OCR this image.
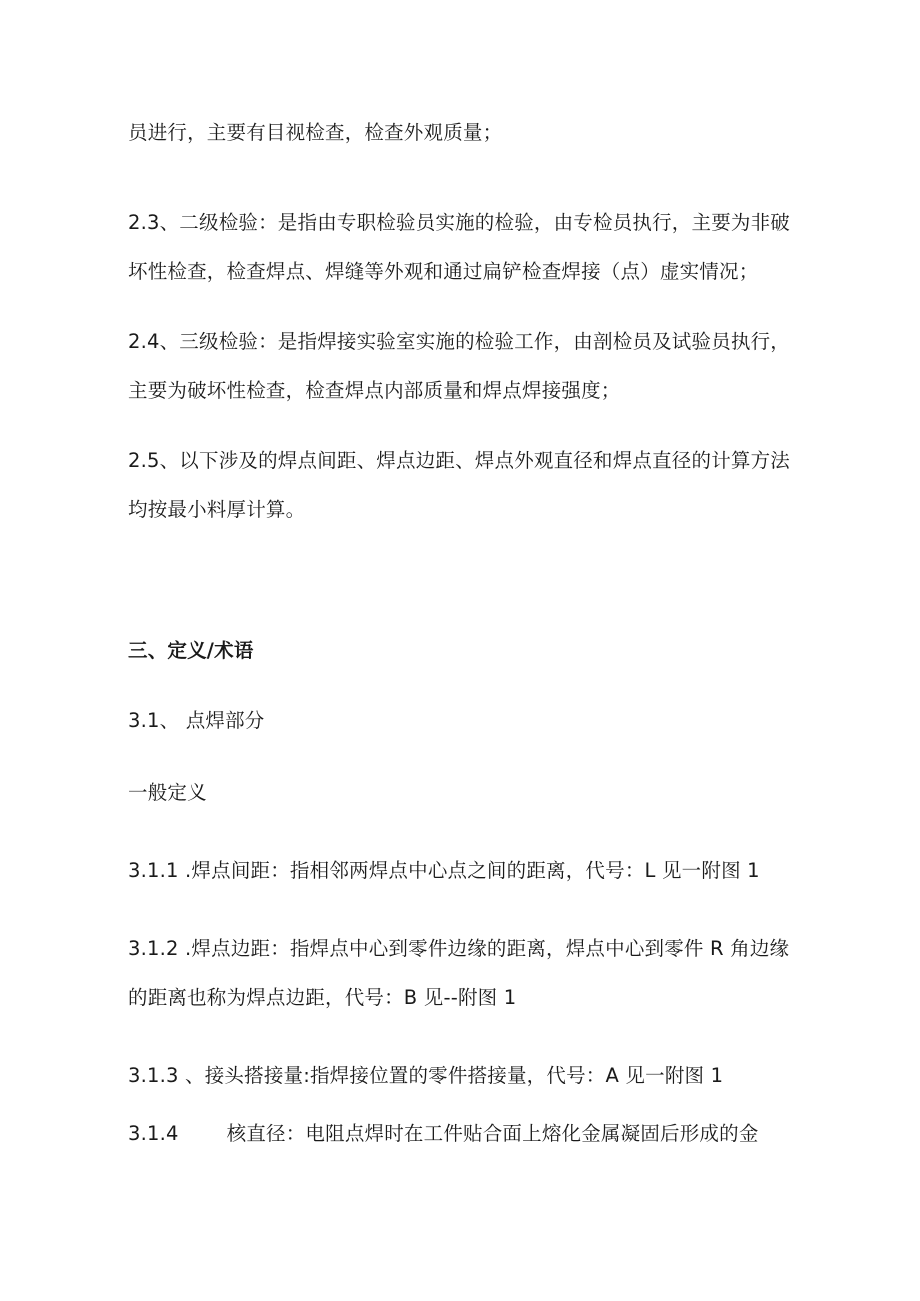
员进行，主要有目视检查，检查外观质量；
2.3、二级检验：是指由专职检验员实施的检验，由专检员执行，主要为非破
坏性检查，检查焊点、焊缝等外观和通过扁铲检查焊接（点）虚实情况；
2.4、三级检验：是指焊接实验室实施的检验工作，由剖检员及试验员执行，
主要为破坏性检查，检查焊点内部质量和焊点焊接强度；
2.5、以下涉及的焊点间距、焊点边距、焊点外观直径和焊点直径的计算方法
均按最小料厚计算。
三、定义/术语
3.1、 点焊部分
一般定义
3.1.1 .焊点间距：指相邻两焊点中心点之间的距离，代号：L 见一附图 1
3.1.2 .焊点边距：指焊点中心到零件边缘的距离，焊点中心到零件 R 角边缘
的距离也称为焊点边距，代号：B 见--附图 1
3.1.3 、接头搭接量:指焊接位置的零件搭接量，代号：A 见一附图 1
3.1.4 核直径：电阻点焊时在工件贴合面上熔化金属凝固后形成的金
